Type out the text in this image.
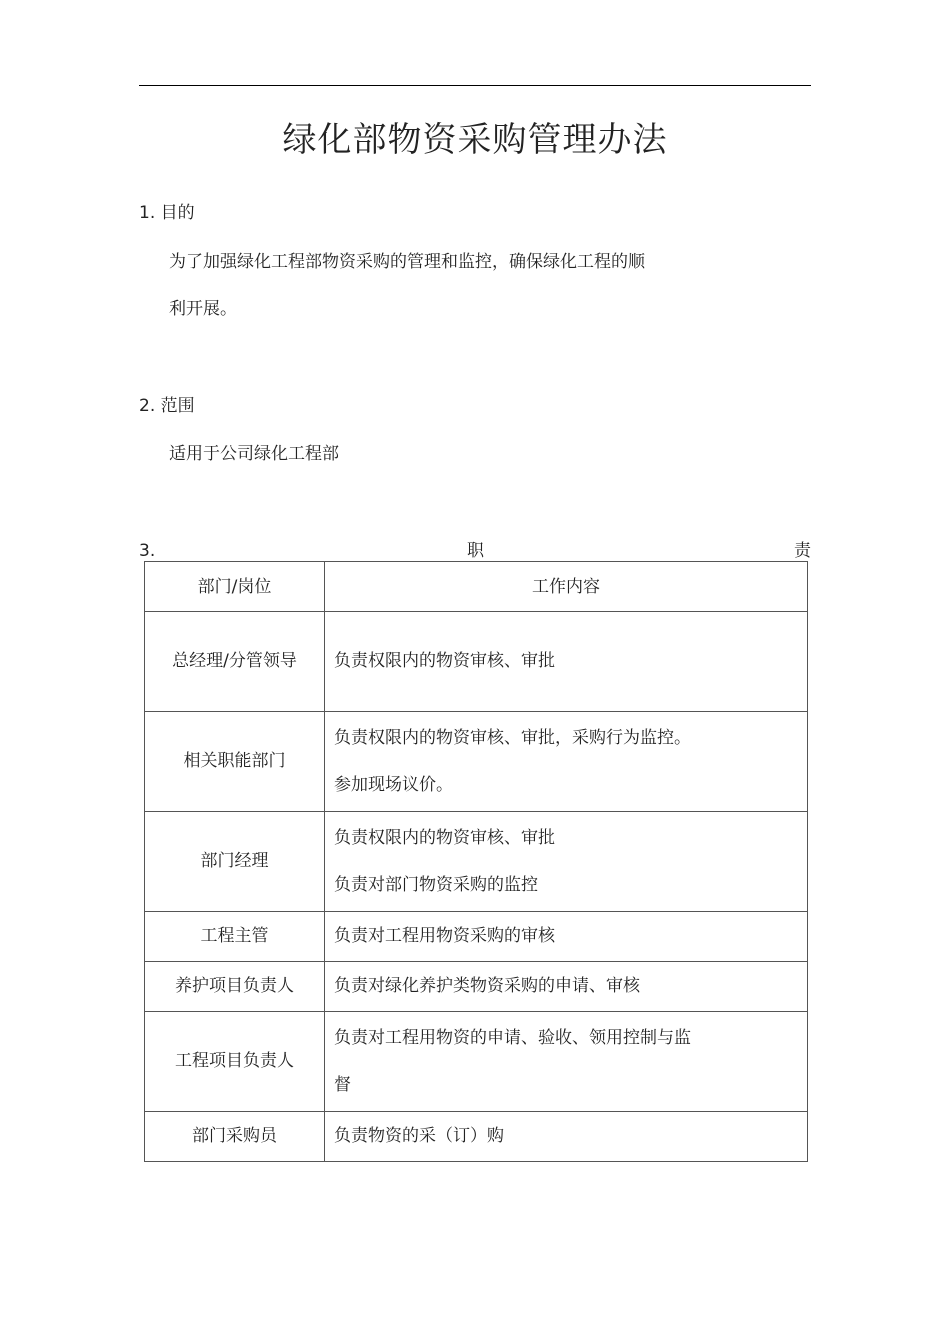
绿化部物资采购管理办法
1. 目的
为了加强绿化工程部物资采购的管理和监控，确保绿化工程的顺
利开展。
2. 范围
适用于公司绿化工程部
3.	职	责
部门/岗位	工作内容
总经理/分管领导	负责权限内的物资审核、审批

相关职能部门	负责权限内的物资审核、审批，采购行为监控。
参加现场议价。

部门经理	负责权限内的物资审核、审批
负责对部门物资采购的监控

工程主管	负责对工程用物资采购的审核

养护项目负责人	负责对绿化养护类物资采购的申请、审核

工程项目负责人	负责对工程用物资的申请、验收、领用控制与监
督

部门采购员	负责物资的采（订）购
